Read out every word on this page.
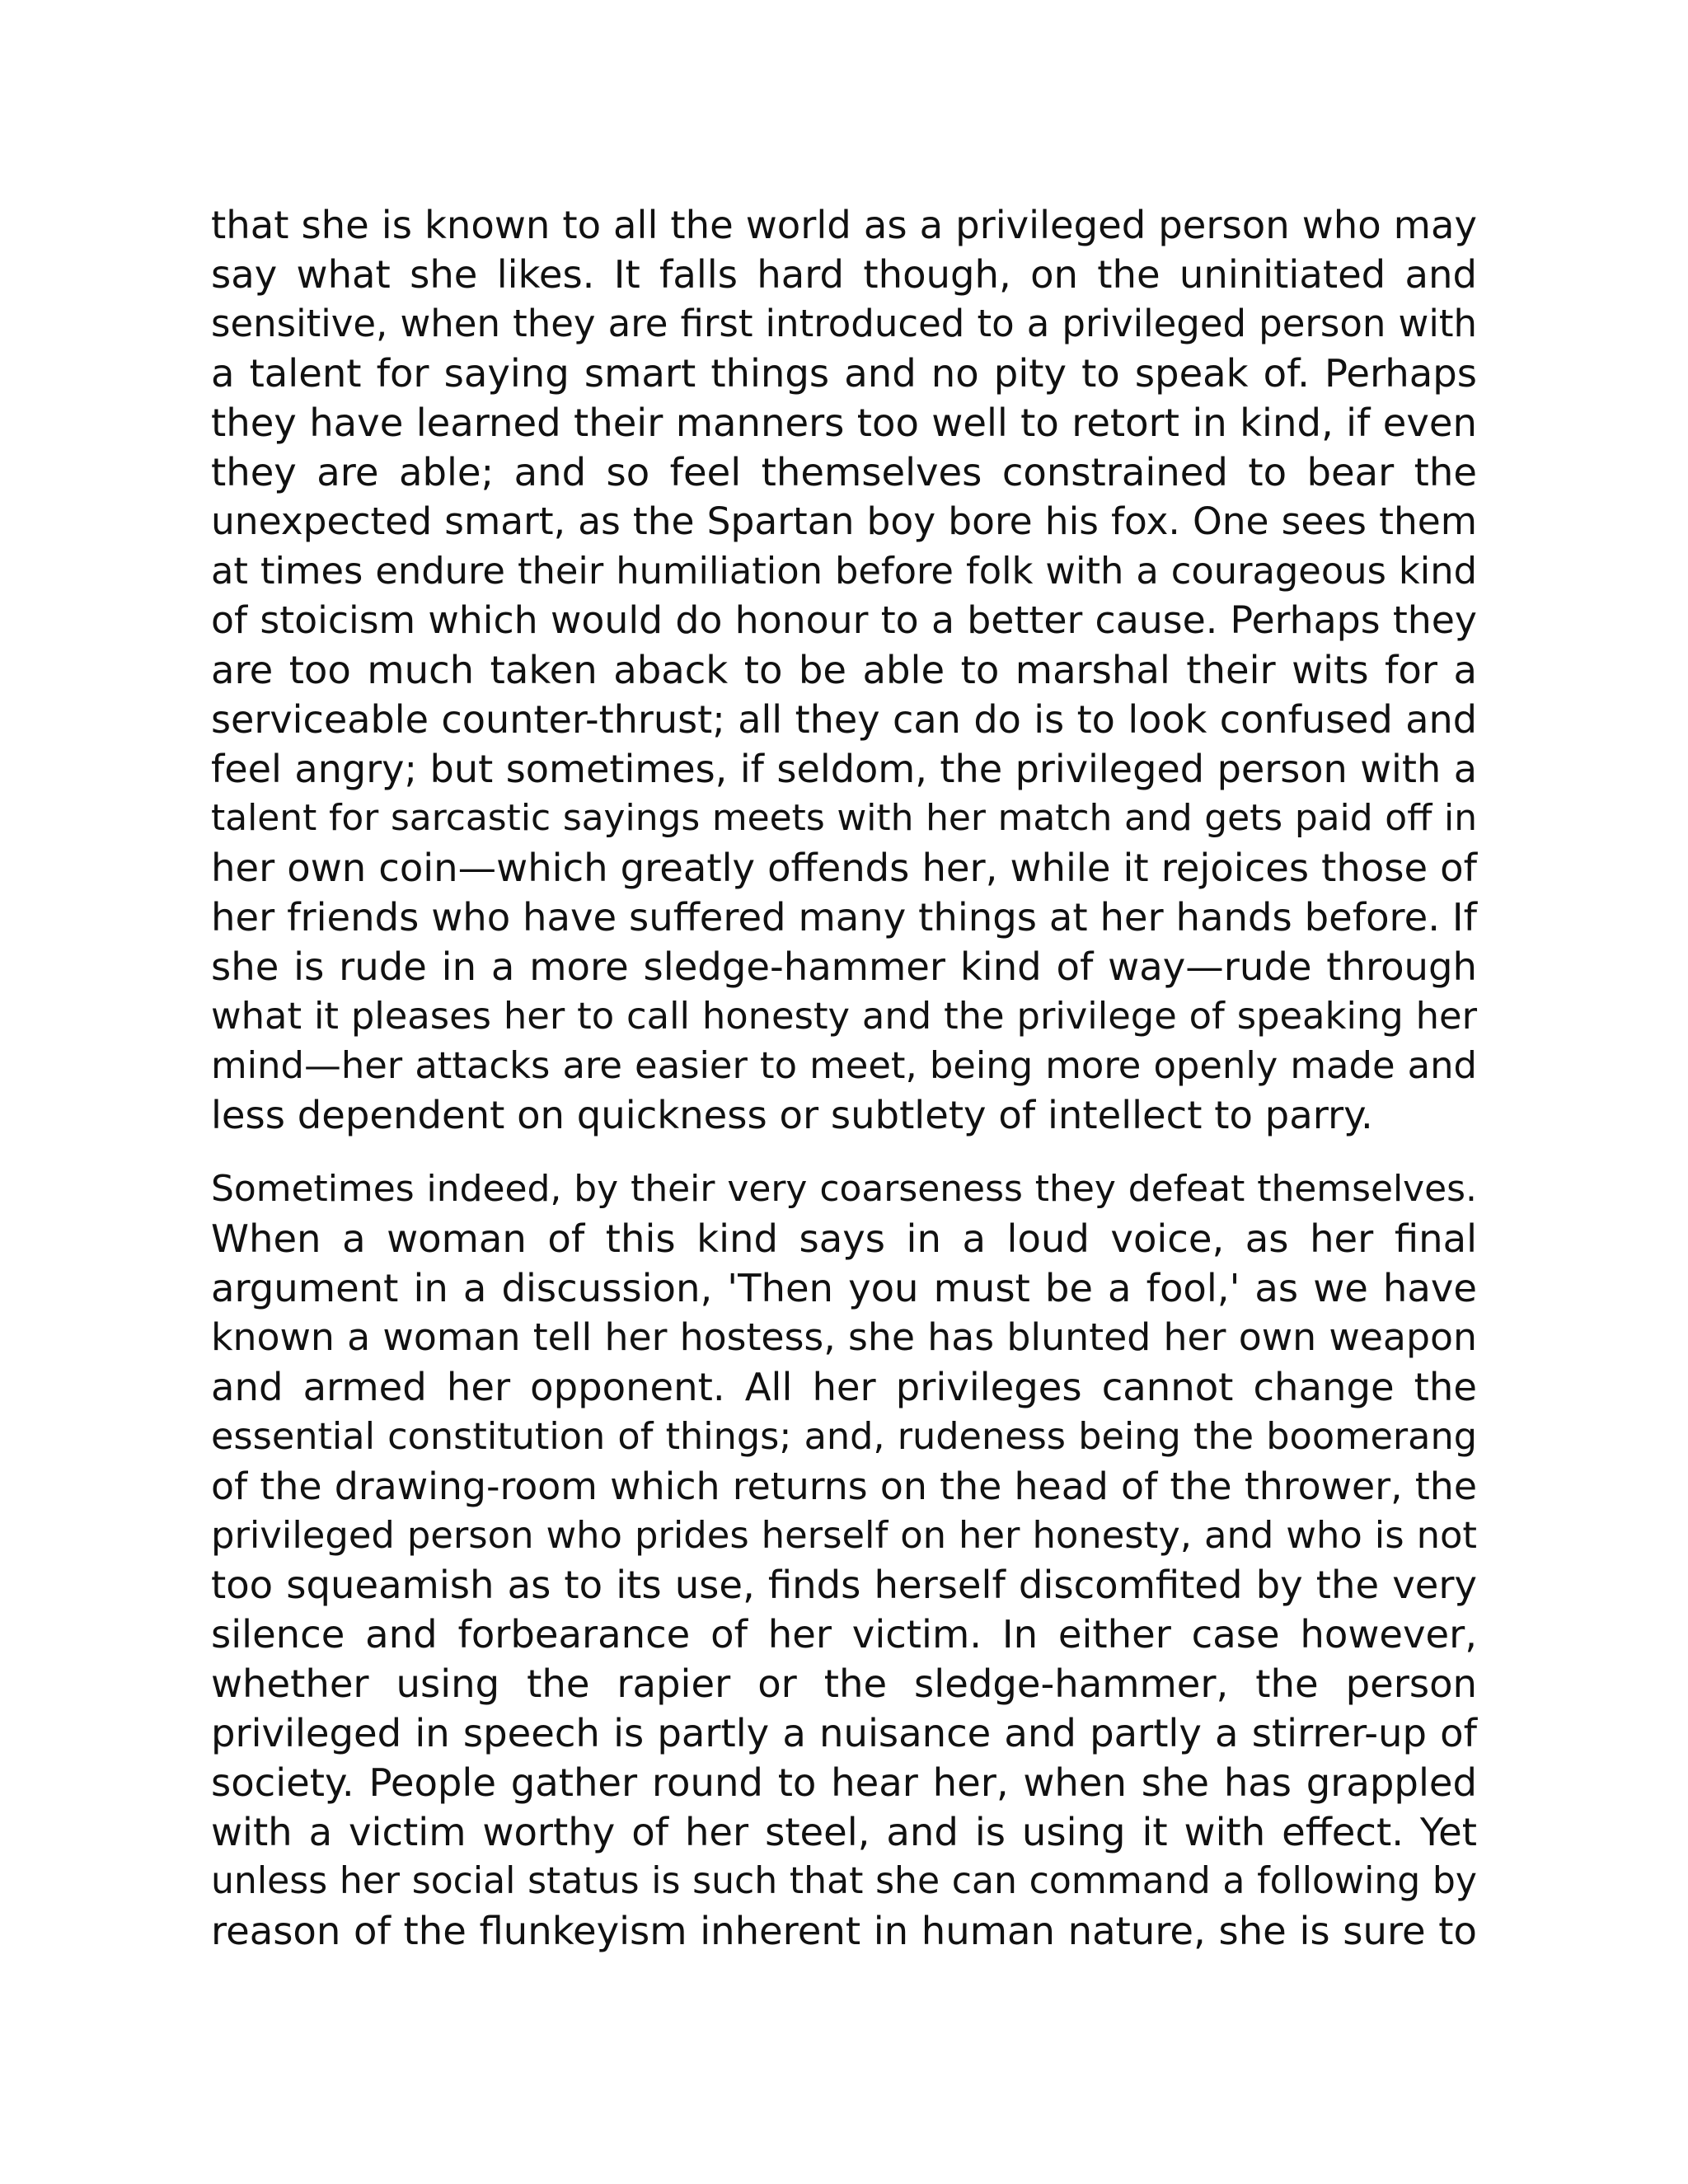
that she is known to all the world as a privileged person who may
say what she likes. It falls hard though, on the uninitiated and
sensitive, when they are first introduced to a privileged person with
a talent for saying smart things and no pity to speak of. Perhaps
they have learned their manners too well to retort in kind, if even
they are able; and so feel themselves constrained to bear the
unexpected smart, as the Spartan boy bore his fox. One sees them
at times endure their humiliation before folk with a courageous kind
of stoicism which would do honour to a better cause. Perhaps they
are too much taken aback to be able to marshal their wits for a
serviceable counter-thrust; all they can do is to look confused and
feel angry; but sometimes, if seldom, the privileged person with a
talent for sarcastic sayings meets with her match and gets paid off in
her own coin—which greatly offends her, while it rejoices those of
her friends who have suffered many things at her hands before. If
she is rude in a more sledge-hammer kind of way—rude through
what it pleases her to call honesty and the privilege of speaking her
mind—her attacks are easier to meet, being more openly made and
less dependent on quickness or subtlety of intellect to parry.

Sometimes indeed, by their very coarseness they defeat themselves.
When a woman of this kind says in a loud voice, as her final
argument in a discussion, 'Then you must be a fool,' as we have
known a woman tell her hostess, she has blunted her own weapon
and armed her opponent. All her privileges cannot change the
essential constitution of things; and, rudeness being the boomerang
of the drawing-room which returns on the head of the thrower, the
privileged person who prides herself on her honesty, and who is not
too squeamish as to its use, finds herself discomfited by the very
silence and forbearance of her victim. In either case however,
whether using the rapier or the sledge-hammer, the person
privileged in speech is partly a nuisance and partly a stirrer-up of
society. People gather round to hear her, when she has grappled
with a victim worthy of her steel, and is using it with effect. Yet
unless her social status is such that she can command a following by
reason of the flunkeyism inherent in human nature, she is sure to
